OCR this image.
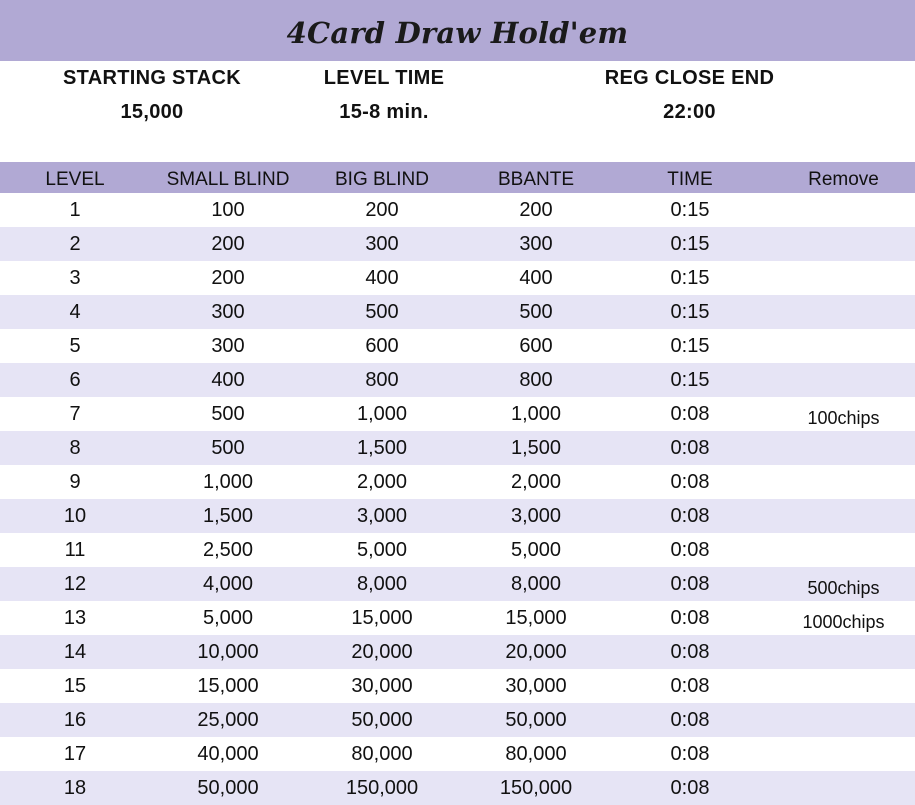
4Card Draw Hold'em
STARTING STACK	LEVEL TIME	REG CLOSE END
15,000	15-8 min.	22:00
LEVEL	SMALL BLIND	BIG BLIND	BBANTE	TIME	Remove
1	100	200	200	0:15
2	200	300	300	0:15
3	200	400	400	0:15
4	300	500	500	0:15
5	300	600	600	0:15
6	400	800	800	0:15
7	500	1,000	1,000	0:08	100chips
8	500	1,500	1,500	0:08
9	1,000	2,000	2,000	0:08
10	1,500	3,000	3,000	0:08
11	2,500	5,000	5,000	0:08
12	4,000	8,000	8,000	0:08	500chips
13	5,000	15,000	15,000	0:08	1000chips
14	10,000	20,000	20,000	0:08
15	15,000	30,000	30,000	0:08
16	25,000	50,000	50,000	0:08
17	40,000	80,000	80,000	0:08
18	50,000	150,000	150,000	0:08
